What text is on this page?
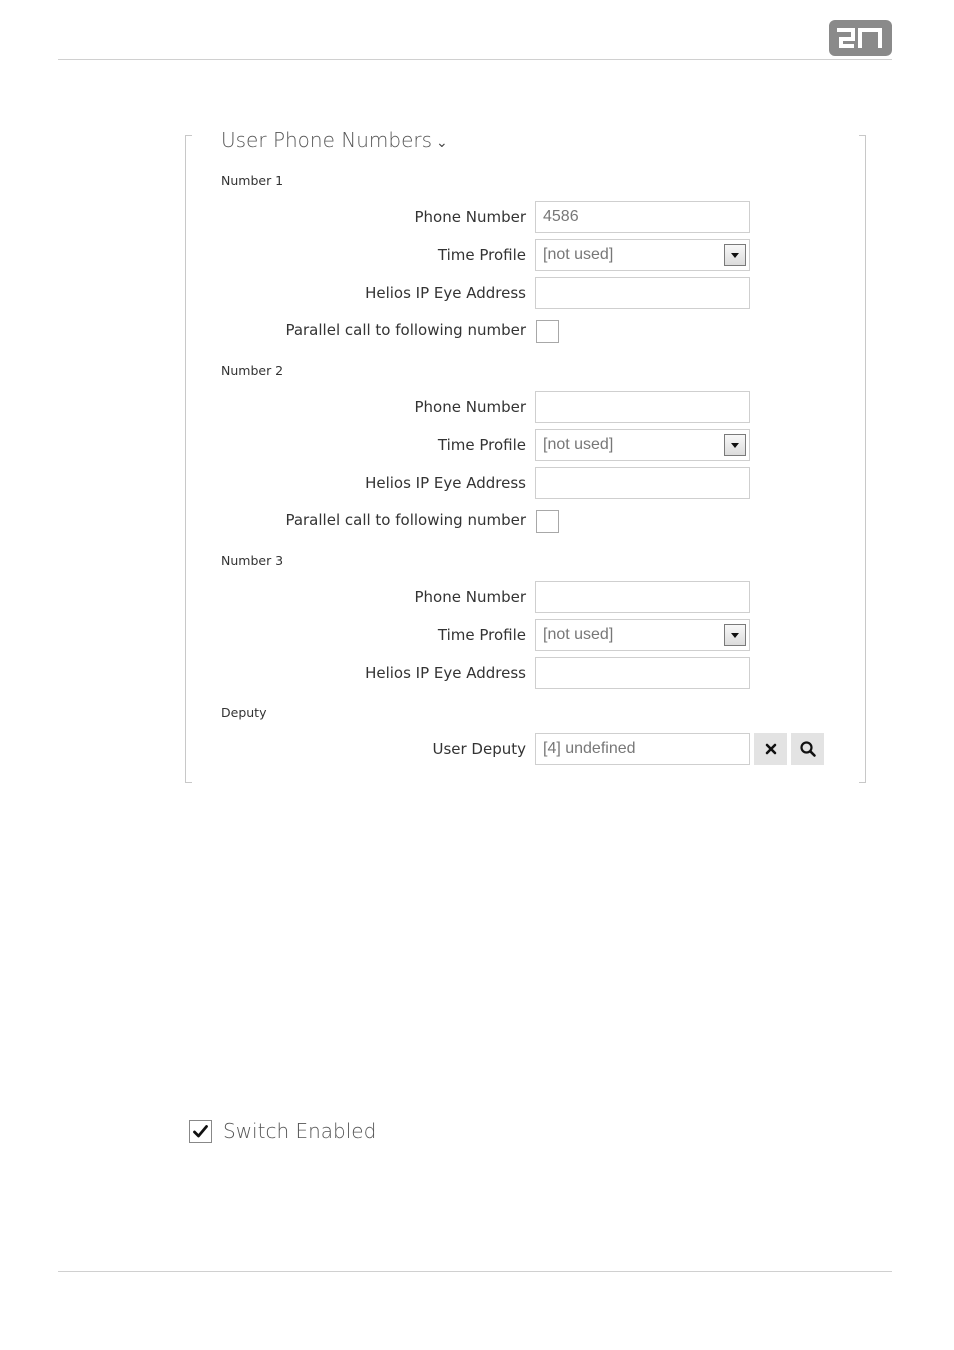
User Phone Numbers ⌄
Number 1
Phone Number
4586
Time Profile [not used]
Helios IP Eye Address
Parallel call to following number
Number 2
Phone Number
Time Profile [not used]
Helios IP Eye Address
Parallel call to following number
Number 3
Phone Number
Time Profile [not used]
Helios IP Eye Address
Deputy
User Deputy
[4] undefined
Switch Enabled
